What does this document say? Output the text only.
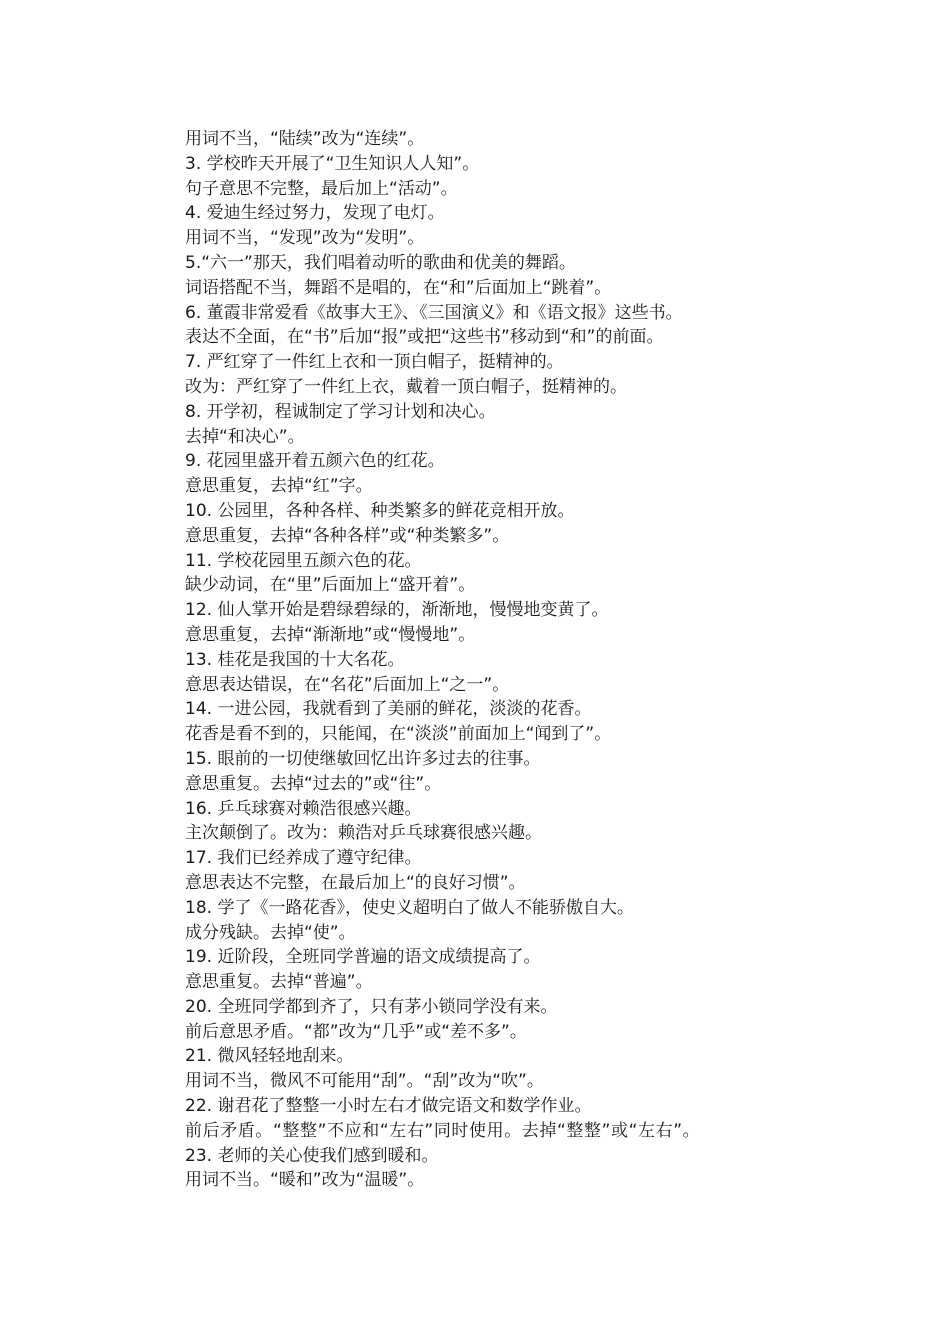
用词不当，“陆续”改为“连续”。

3. 学校昨天开展了“卫生知识人人知”。

句子意思不完整，最后加上“活动”。

4. 爱迪生经过努力，发现了电灯。

用词不当，“发现”改为“发明”。

5.“六一”那天，我们唱着动听的歌曲和优美的舞蹈。

词语搭配不当，舞蹈不是唱的，在“和”后面加上“跳着”。

6. 董霞非常爱看《故事大王》、《三国演义》和《语文报》这些书。

表达不全面，在“书”后加“报”或把“这些书”移动到“和”的前面。

7. 严红穿了一件红上衣和一顶白帽子，挺精神的。

改为：严红穿了一件红上衣，戴着一顶白帽子，挺精神的。

8. 开学初，程诚制定了学习计划和决心。

去掉“和决心”。

9. 花园里盛开着五颜六色的红花。

意思重复，去掉“红”字。

10. 公园里，各种各样、种类繁多的鲜花竞相开放。

意思重复，去掉“各种各样”或“种类繁多”。

11. 学校花园里五颜六色的花。

缺少动词，在“里”后面加上“盛开着”。

12. 仙人掌开始是碧绿碧绿的，渐渐地，慢慢地变黄了。

意思重复，去掉“渐渐地”或“慢慢地”。

13. 桂花是我国的十大名花。

意思表达错误，在“名花”后面加上“之一”。

14. 一进公园，我就看到了美丽的鲜花，淡淡的花香。

花香是看不到的，只能闻，在“淡淡”前面加上“闻到了”。

15. 眼前的一切使继敏回忆出许多过去的往事。

意思重复。去掉“过去的”或“往”。

16. 乒乓球赛对赖浩很感兴趣。

主次颠倒了。改为：赖浩对乒乓球赛很感兴趣。

17. 我们已经养成了遵守纪律。

意思表达不完整，在最后加上“的良好习惯”。

18. 学了《一路花香》，使史义超明白了做人不能骄傲自大。

成分残缺。去掉“使”。

19. 近阶段，全班同学普遍的语文成绩提高了。

意思重复。去掉“普遍”。

20. 全班同学都到齐了，只有茅小锁同学没有来。

前后意思矛盾。“都”改为“几乎”或“差不多”。

21. 微风轻轻地刮来。

用词不当，微风不可能用“刮”。“刮”改为“吹”。

22. 谢君花了整整一小时左右才做完语文和数学作业。

前后矛盾。“整整”不应和“左右”同时使用。去掉“整整”或“左右”。

23. 老师的关心使我们感到暖和。

用词不当。“暖和”改为“温暖”。
